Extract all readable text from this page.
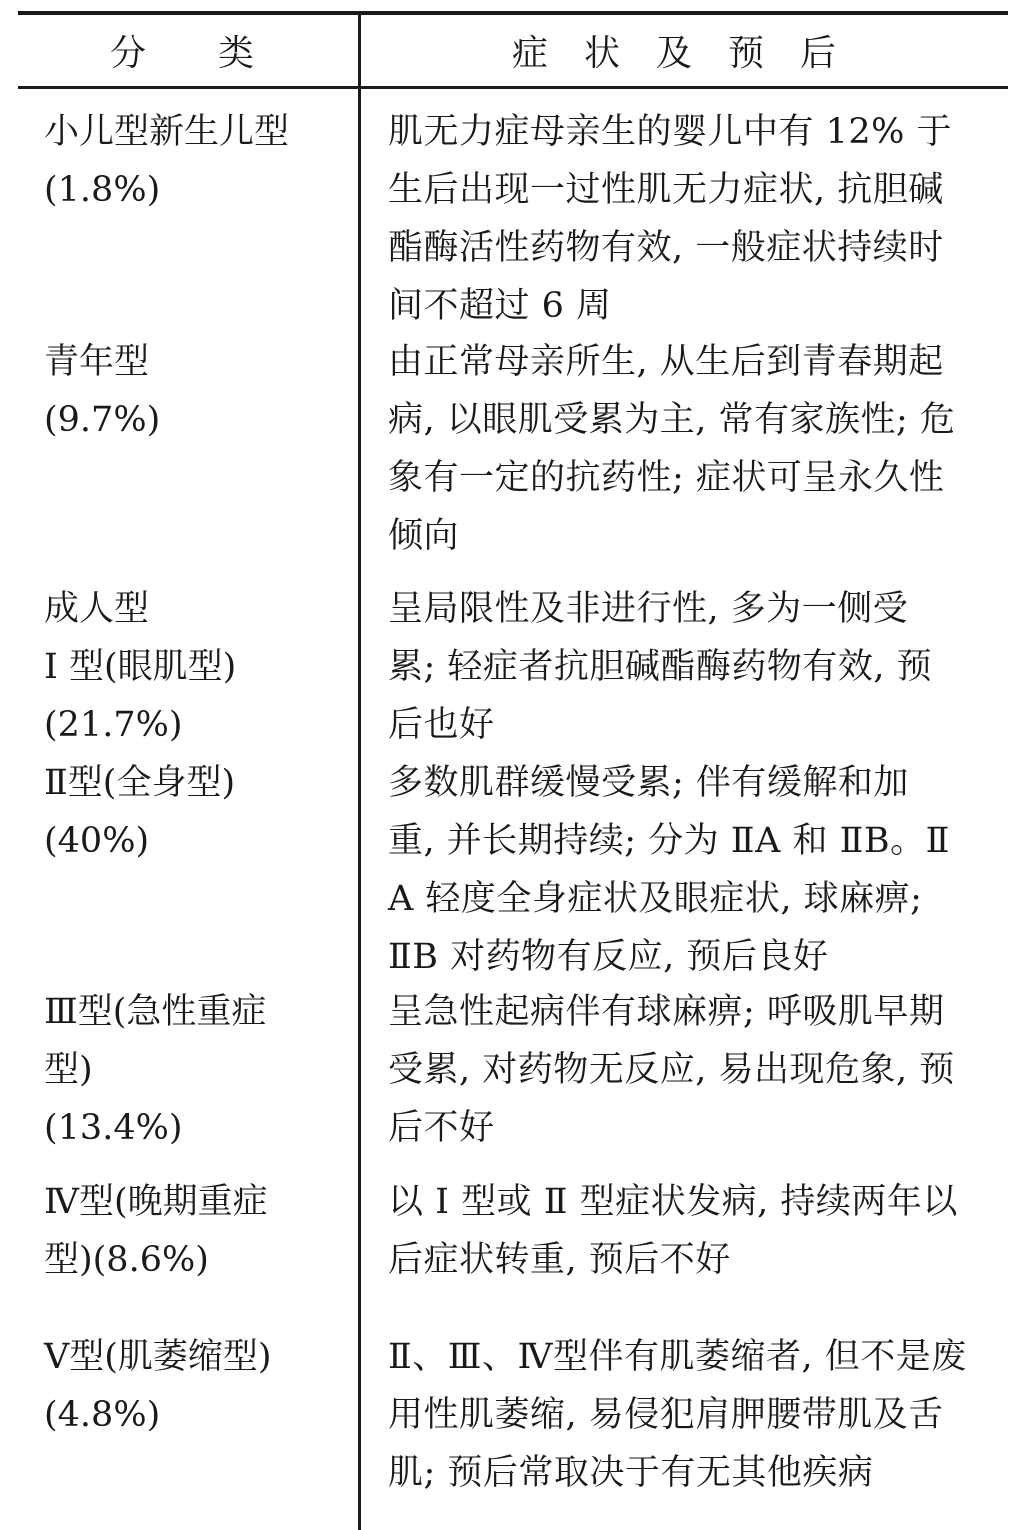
分　　类	症　状　及　预　后
小儿型新生儿型
(1.8%)
肌无力症母亲生的婴儿中有 12% 于
生后出现一过性肌无力症状, 抗胆碱
酯酶活性药物有效, 一般症状持续时
间不超过 6 周
青年型
(9.7%)
由正常母亲所生, 从生后到青春期起
病, 以眼肌受累为主, 常有家族性; 危
象有一定的抗药性; 症状可呈永久性
倾向
成人型
Ⅰ 型(眼肌型)
(21.7%)
呈局限性及非进行性, 多为一侧受
累; 轻症者抗胆碱酯酶药物有效, 预
后也好
Ⅱ型(全身型)
(40%)
多数肌群缓慢受累; 伴有缓解和加
重, 并长期持续; 分为 ⅡA 和 ⅡB。Ⅱ
A 轻度全身症状及眼症状, 球麻痹;
ⅡB 对药物有反应, 预后良好
Ⅲ型(急性重症
型)
(13.4%)
呈急性起病伴有球麻痹; 呼吸肌早期
受累, 对药物无反应, 易出现危象, 预
后不好
Ⅳ型(晚期重症
型)(8.6%)
以 Ⅰ 型或 Ⅱ 型症状发病, 持续两年以
后症状转重, 预后不好
Ⅴ型(肌萎缩型)
(4.8%)
Ⅱ、Ⅲ、Ⅳ型伴有肌萎缩者, 但不是废
用性肌萎缩, 易侵犯肩胛腰带肌及舌
肌; 预后常取决于有无其他疾病
